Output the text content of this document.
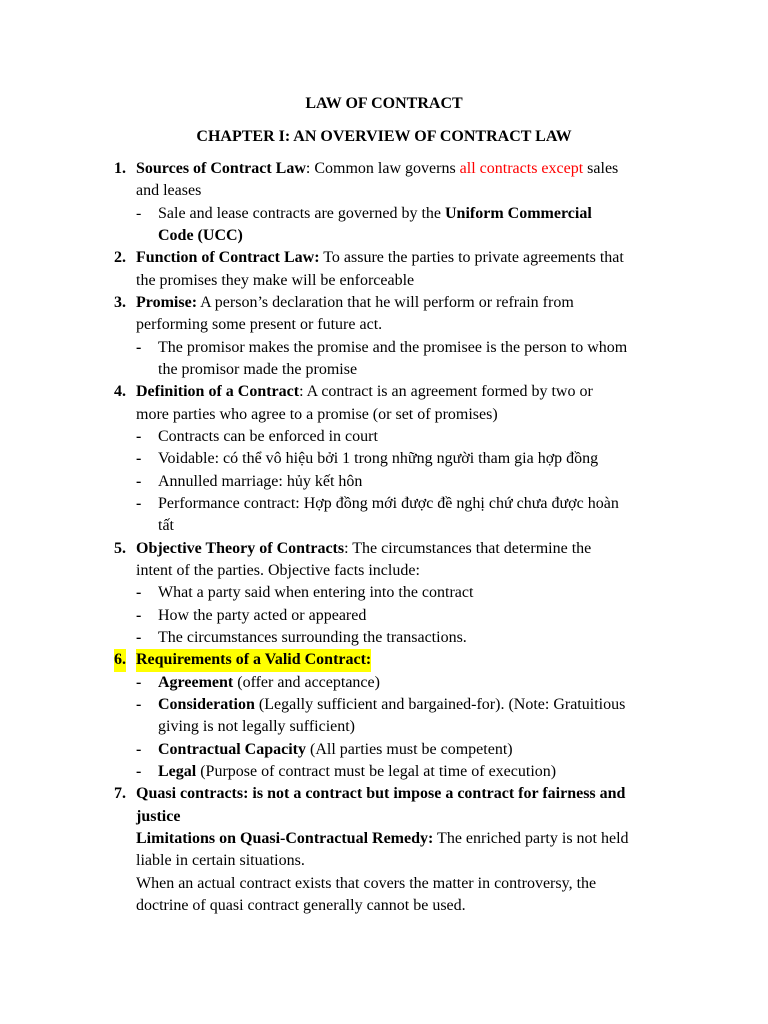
LAW OF CONTRACT
CHAPTER I: AN OVERVIEW OF CONTRACT LAW
1. Sources of Contract Law: Common law governs all contracts except sales
and leases
- Sale and lease contracts are governed by the Uniform Commercial
Code (UCC)
2. Function of Contract Law: To assure the parties to private agreements that
the promises they make will be enforceable
3. Promise: A person’s declaration that he will perform or refrain from
performing some present or future act.
- The promisor makes the promise and the promisee is the person to whom
the promisor made the promise
4. Definition of a Contract: A contract is an agreement formed by two or
more parties who agree to a promise (or set of promises)
- Contracts can be enforced in court
- Voidable: có thể vô hiệu bởi 1 trong những người tham gia hợp đồng
- Annulled marriage: hủy kết hôn
- Performance contract: Hợp đồng mới được đề nghị chứ chưa được hoàn
tất
5. Objective Theory of Contracts: The circumstances that determine the
intent of the parties. Objective facts include:
- What a party said when entering into the contract
- How the party acted or appeared
- The circumstances surrounding the transactions.
6. Requirements of a Valid Contract:
- Agreement (offer and acceptance)
- Consideration (Legally sufficient and bargained-for). (Note: Gratuitious
giving is not legally sufficient)
- Contractual Capacity (All parties must be competent)
- Legal (Purpose of contract must be legal at time of execution)
7. Quasi contracts: is not a contract but impose a contract for fairness and
justice
Limitations on Quasi-Contractual Remedy: The enriched party is not held
liable in certain situations.
When an actual contract exists that covers the matter in controversy, the
doctrine of quasi contract generally cannot be used.
